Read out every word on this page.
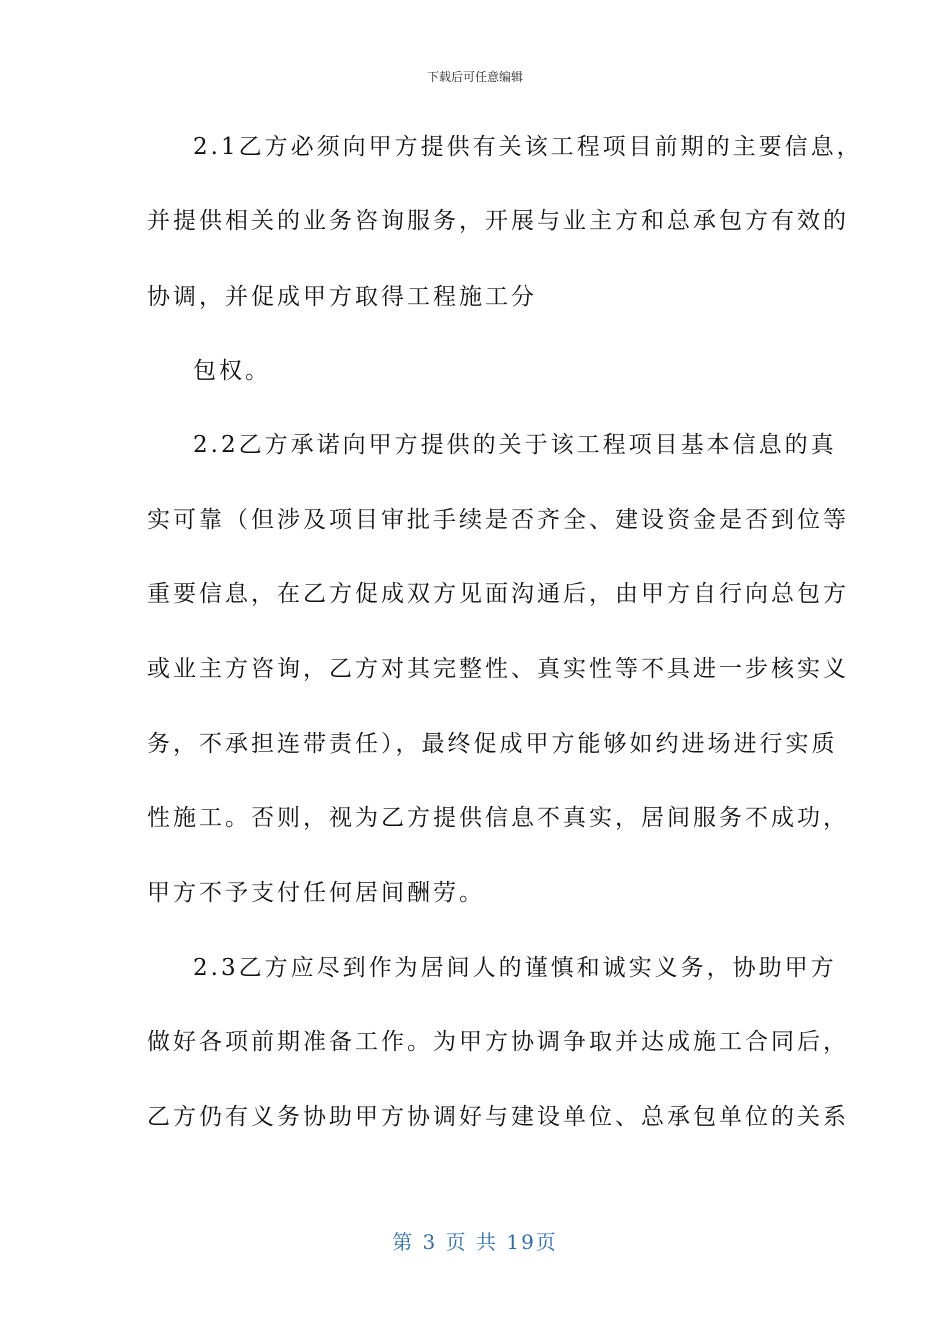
下载后可任意编辑
2.1乙方必须向甲方提供有关该工程项目前期的主要信息，
并提供相关的业务咨询服务，开展与业主方和总承包方有效的
协调，并促成甲方取得工程施工分
包权。
2.2乙方承诺向甲方提供的关于该工程项目基本信息的真
实可靠（但涉及项目审批手续是否齐全、建设资金是否到位等
重要信息，在乙方促成双方见面沟通后，由甲方自行向总包方
或业主方咨询，乙方对其完整性、真实性等不具进一步核实义
务，不承担连带责任），最终促成甲方能够如约进场进行实质
性施工。否则，视为乙方提供信息不真实，居间服务不成功，
甲方不予支付任何居间酬劳。
2.3乙方应尽到作为居间人的谨慎和诚实义务，协助甲方
做好各项前期准备工作。为甲方协调争取并达成施工合同后，
乙方仍有义务协助甲方协调好与建设单位、总承包单位的关系
第 3 页 共 19页
